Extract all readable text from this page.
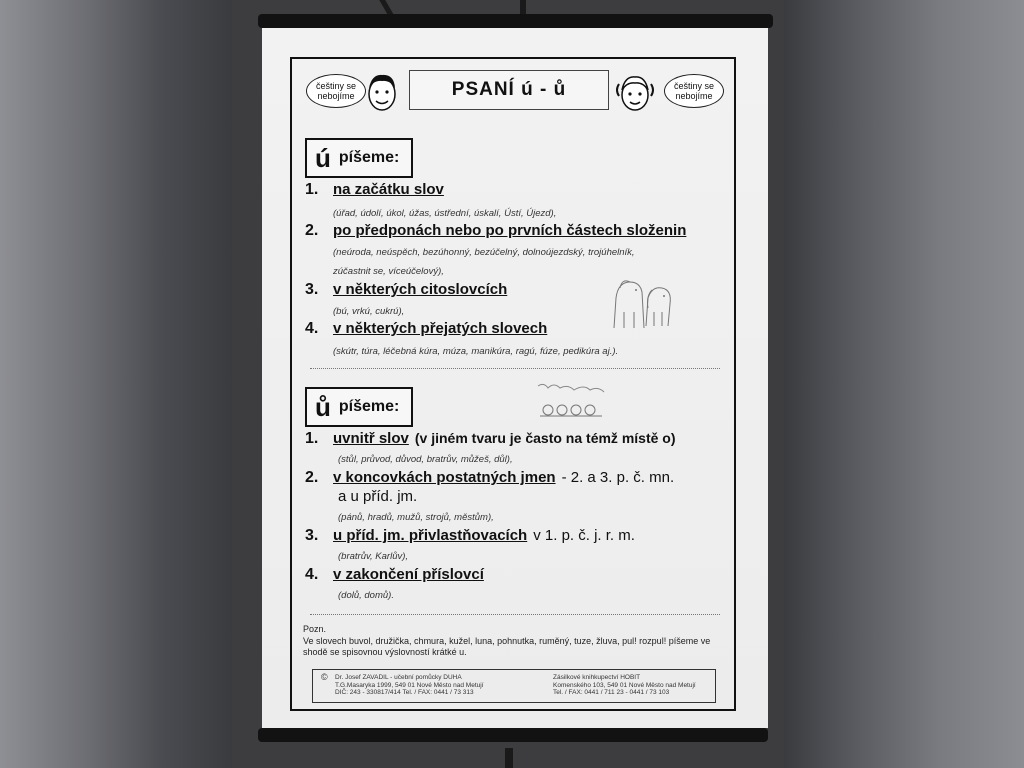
češtiny se nebojíme	PSANÍ ú - ů	češtiny se nebojíme
ú píšeme:
1. na začátku slov
(úřad, údolí, úkol, úžas, ústřední, úskalí, Ústí, Újezd),
2. po předponách nebo po prvních částech složenin
(neúroda, neúspěch, bezúhonný, bezúčelný, dolnoújezdský, trojúhelník,
zúčastnit se, víceúčelový),
3. v některých citoslovcích
(bú, vrkú, cukrú),
4. v některých přejatých slovech
(skútr, túra, léčebná kúra, múza, manikúra, ragú, fúze, pedikúra aj.).
ů píšeme:
1. uvnitř slov (v jiném tvaru je často na témž místě o)
(stůl, průvod, důvod, bratrův, můžeš, důl),
2. v koncovkách postatných jmen - 2. a 3. p. č. mn.
a u příd. jm.
(pánů, hradů, mužů, strojů, městům),
3. u příd. jm. přivlastňovacích v 1. p. č. j. r. m.
(bratrův, Karlův),
4. v zakončení příslovcí
(dolů, domů).
Pozn.
Ve slovech buvol, družička, chmura, kužel, luna, pohnutka, ruměný, tuze, žluva, pul! rozpul! píšeme ve
shodě se spisovnou výslovností krátké u.
© Dr. Josef ZAVADIL - učební pomůcky DUHA
T.G.Masaryka 1999, 549 01 Nové Město nad Metují
DIČ: 243 - 330817/414 Tel. / FAX: 0441 / 73 313
Zásilkové knihkupectví HOBIT
Komenského 103, 549 01 Nové Město nad Metují
Tel. / FAX: 0441 / 711 23 - 0441 / 73 103
